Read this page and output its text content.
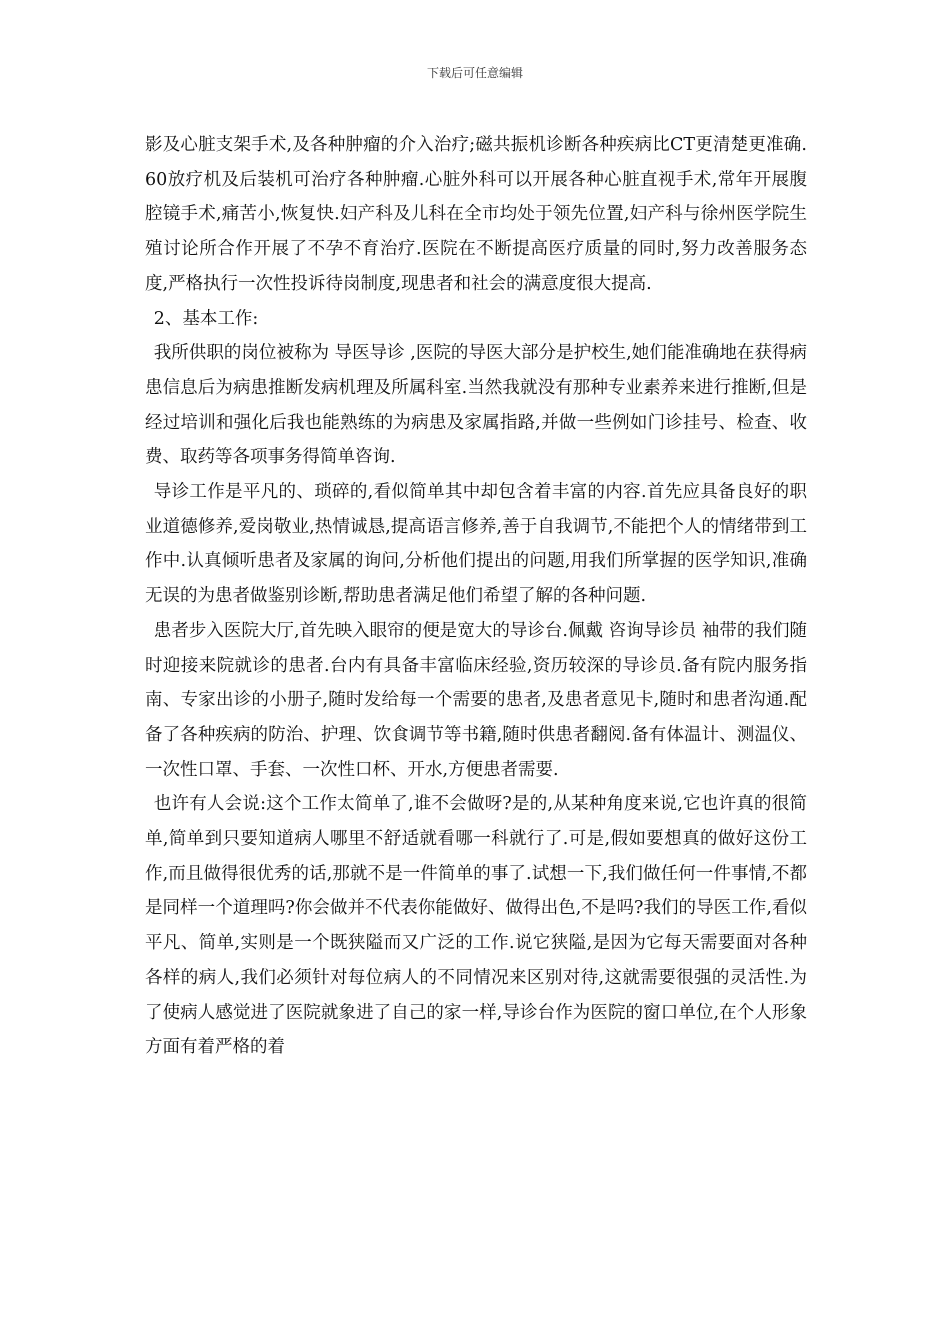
下载后可任意编辑

影及心脏支架手术,及各种肿瘤的介入治疗;磁共振机诊断各种疾病比CT更清楚更准确.60放疗机及后装机可治疗各种肿瘤.心脏外科可以开展各种心脏直视手术,常年开展腹腔镜手术,痛苦小,恢复快.妇产科及儿科在全市均处于领先位置,妇产科与徐州医学院生殖讨论所合作开展了不孕不育治疗.医院在不断提高医疗质量的同时,努力改善服务态度,严格执行一次性投诉待岗制度,现患者和社会的满意度很大提高.

2、基本工作:

我所供职的岗位被称为 导医导诊 ,医院的导医大部分是护校生,她们能准确地在获得病患信息后为病患推断发病机理及所属科室.当然我就没有那种专业素养来进行推断,但是经过培训和强化后我也能熟练的为病患及家属指路,并做一些例如门诊挂号、检查、收费、取药等各项事务得简单咨询.

导诊工作是平凡的、琐碎的,看似简单其中却包含着丰富的内容.首先应具备良好的职业道德修养,爱岗敬业,热情诚恳,提高语言修养,善于自我调节,不能把个人的情绪带到工作中.认真倾听患者及家属的询问,分析他们提出的问题,用我们所掌握的医学知识,准确无误的为患者做鉴别诊断,帮助患者满足他们希望了解的各种问题.

患者步入医院大厅,首先映入眼帘的便是宽大的导诊台.佩戴 咨询导诊员 袖带的我们随时迎接来院就诊的患者.台内有具备丰富临床经验,资历较深的导诊员.备有院内服务指南、专家出诊的小册子,随时发给每一个需要的患者,及患者意见卡,随时和患者沟通.配备了各种疾病的防治、护理、饮食调节等书籍,随时供患者翻阅.备有体温计、测温仪、一次性口罩、手套、一次性口杯、开水,方便患者需要.

也许有人会说:这个工作太简单了,谁不会做呀?是的,从某种角度来说,它也许真的很简单,简单到只要知道病人哪里不舒适就看哪一科就行了.可是,假如要想真的做好这份工作,而且做得很优秀的话,那就不是一件简单的事了.试想一下,我们做任何一件事情,不都是同样一个道理吗?你会做并不代表你能做好、做得出色,不是吗?我们的导医工作,看似平凡、简单,实则是一个既狭隘而又广泛的工作.说它狭隘,是因为它每天需要面对各种各样的病人,我们必须针对每位病人的不同情况来区别对待,这就需要很强的灵活性.为了使病人感觉进了医院就象进了自己的家一样,导诊台作为医院的窗口单位,在个人形象方面有着严格的着
